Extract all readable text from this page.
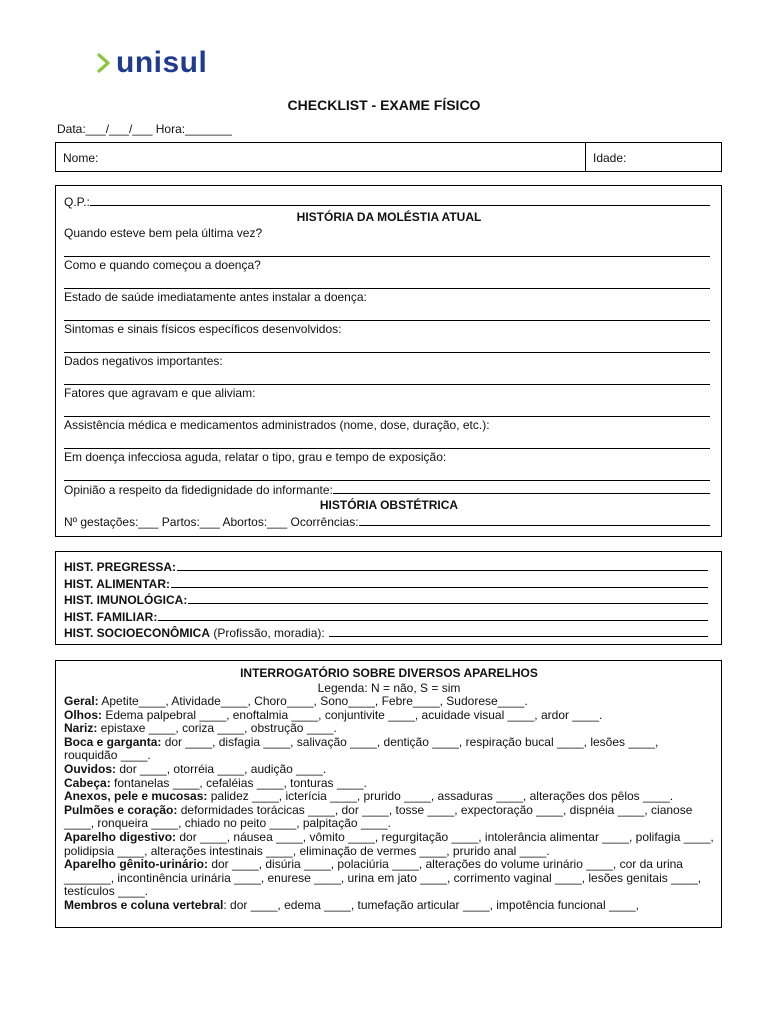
unisul
CHECKLIST - EXAME FÍSICO
Data:___/___/___ Hora:_______
Nome:	Idade:
Q.P.:
HISTÓRIA DA MOLÉSTIA ATUAL
Quando esteve bem pela última vez?
Como e quando começou a doença?
Estado de saúde imediatamente antes instalar a doença:
Sintomas e sinais físicos específicos desenvolvidos:
Dados negativos importantes:
Fatores que agravam e que aliviam:
Assistência médica e medicamentos administrados (nome, dose, duração, etc.):
Em doença infecciosa aguda, relatar o tipo, grau e tempo de exposição:
Opinião a respeito da fidedignidade do informante:
HISTÓRIA OBSTÉTRICA
Nº gestações:___ Partos:___ Abortos:___ Ocorrências:
HIST. PREGRESSA:
HIST. ALIMENTAR:
HIST. IMUNOLÓGICA:
HIST. FAMILIAR:
HIST. SOCIOECONÔMICA (Profissão, moradia):
INTERROGATÓRIO SOBRE DIVERSOS APARELHOS
Legenda: N = não, S = sim
Geral: Apetite____, Atividade____, Choro____, Sono____, Febre____, Sudorese____.
Olhos: Edema palpebral ____, enoftalmia ____, conjuntivite ____, acuidade visual ____, ardor ____.
Nariz: epistaxe ____, coriza ____, obstrução ____.
Boca e garganta: dor ____, disfagia ____, salivação ____, dentição ____, respiração bucal ____, lesões ____, rouquidão ____.
Ouvidos: dor ____, otorréia ____, audição ____.
Cabeça: fontanelas ____, cefaléias ____, tonturas ____.
Anexos, pele e mucosas: palidez ____, icterícia ____, prurido ____, assaduras ____, alterações dos pêlos ____.
Pulmões e coração: deformidades torácicas ____, dor ____, tosse ____, expectoração ____, dispnéia ____, cianose ____, ronqueira ____, chiado no peito ____, palpitação ____.
Aparelho digestivo: dor ____, náusea ____, vômito ____, regurgitação ____, intolerância alimentar ____, polifagia ____, polidipsia ____, alterações intestinais ____, eliminação de vermes ____, prurido anal ____.
Aparelho gênito-urinário: dor ____, disúria ____, polaciúria ____, alterações do volume urinário ____, cor da urina _______, incontinência urinária ____, enurese ____, urina em jato ____, corrimento vaginal ____, lesões genitais ____, testículos ____.
Membros e coluna vertebral: dor ____, edema ____, tumefação articular ____, impotência funcional ____,
